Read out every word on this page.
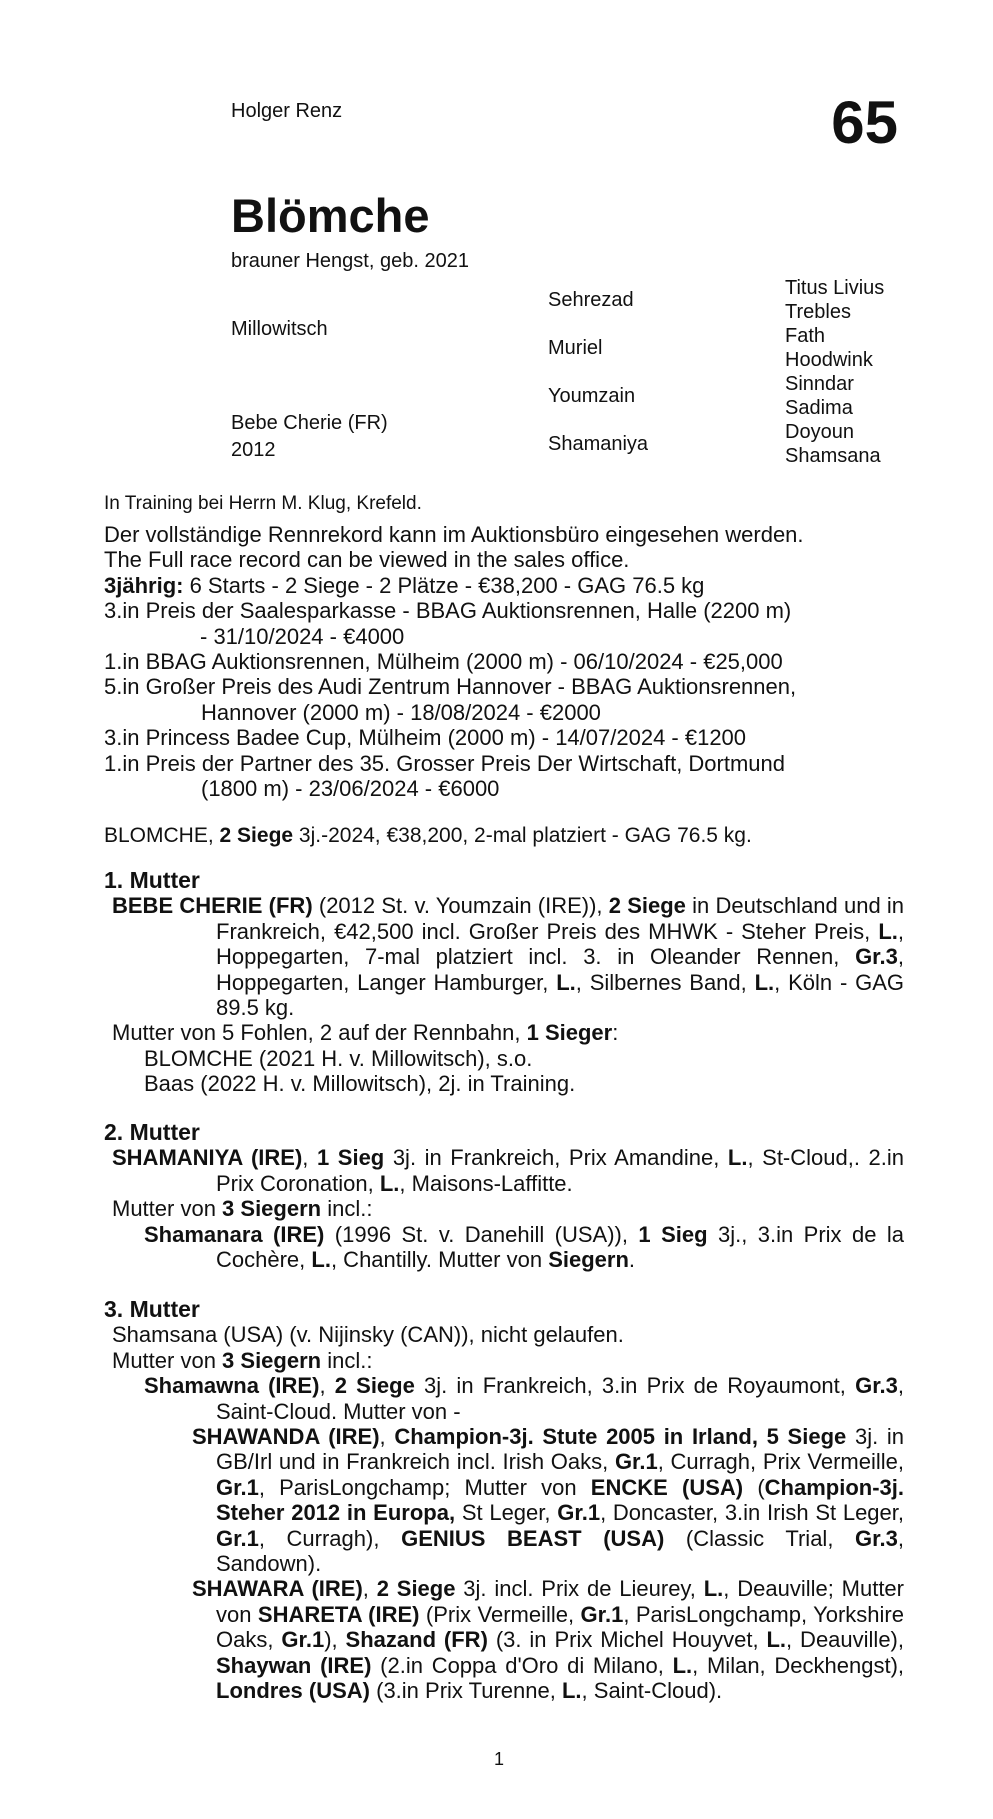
Holger Renz	65
Blömche
brauner Hengst, geb. 2021
Millowitsch
Bebe Cherie (FR)
2012
Sehrezad
Muriel
Youmzain
Shamaniya
Titus Livius
Trebles
Fath
Hoodwink
Sinndar
Sadima
Doyoun
Shamsana
In Training bei Herrn M. Klug, Krefeld.

Der vollständige Rennrekord kann im Auktionsbüro eingesehen werden.

The Full race record can be viewed in the sales office.

3jährig: 6 Starts - 2 Siege - 2 Plätze - €38,200 - GAG 76.5 kg

3.in Preis der Saalesparkasse - BBAG Auktionsrennen, Halle (2200 m)

- 31/10/2024 - €4000

1.in BBAG Auktionsrennen, Mülheim (2000 m) - 06/10/2024 - €25,000

5.in Großer Preis des Audi Zentrum Hannover - BBAG Auktionsrennen,

Hannover (2000 m) - 18/08/2024 - €2000

3.in Princess Badee Cup, Mülheim (2000 m) - 14/07/2024 - €1200

1.in Preis der Partner des 35. Grosser Preis Der Wirtschaft, Dortmund

(1800 m) - 23/06/2024 - €6000

BLOMCHE, 2 Siege 3j.-2024, €38,200, 2-mal platziert - GAG 76.5 kg.

1. Mutter

BEBE CHERIE (FR) (2012 St. v. Youmzain (IRE)), 2 Siege in Deutschland und in Frankreich, €42,500 incl. Großer Preis des MHWK - Steher Preis, L., Hoppegarten, 7-mal platziert incl. 3. in Oleander Rennen, Gr.3, Hoppegarten, Langer Hamburger, L., Silbernes Band, L., Köln - GAG 89.5 kg.

Mutter von 5 Fohlen, 2 auf der Rennbahn, 1 Sieger:

BLOMCHE (2021 H. v. Millowitsch), s.o.

Baas (2022 H. v. Millowitsch), 2j. in Training.

2. Mutter

SHAMANIYA (IRE), 1 Sieg 3j. in Frankreich, Prix Amandine, L., St-Cloud,. 2.in Prix Coronation, L., Maisons-Laffitte.

Mutter von 3 Siegern incl.:

Shamanara (IRE) (1996 St. v. Danehill (USA)), 1 Sieg 3j., 3.in Prix de la Cochère, L., Chantilly. Mutter von Siegern.

3. Mutter

Shamsana (USA) (v. Nijinsky (CAN)), nicht gelaufen.

Mutter von 3 Siegern incl.:

Shamawna (IRE), 2 Siege 3j. in Frankreich, 3.in Prix de Royaumont, Gr.3, Saint-Cloud. Mutter von -

SHAWANDA (IRE), Champion-3j. Stute 2005 in Irland, 5 Siege 3j. in GB/Irl und in Frankreich incl. Irish Oaks, Gr.1, Curragh, Prix Vermeille, Gr.1, ParisLongchamp; Mutter von ENCKE (USA) (Champion-3j. Steher 2012 in Europa, St Leger, Gr.1, Doncaster, 3.in Irish St Leger, Gr.1, Curragh), GENIUS BEAST (USA) (Classic Trial, Gr.3, Sandown).

SHAWARA (IRE), 2 Siege 3j. incl. Prix de Lieurey, L., Deauville; Mutter von SHARETA (IRE) (Prix Vermeille, Gr.1, ParisLongchamp, Yorkshire Oaks, Gr.1), Shazand (FR) (3. in Prix Michel Houyvet, L., Deauville), Shaywan (IRE) (2.in Coppa d'Oro di Milano, L., Milan, Deckhengst), Londres (USA) (3.in Prix Turenne, L., Saint-Cloud).

1
